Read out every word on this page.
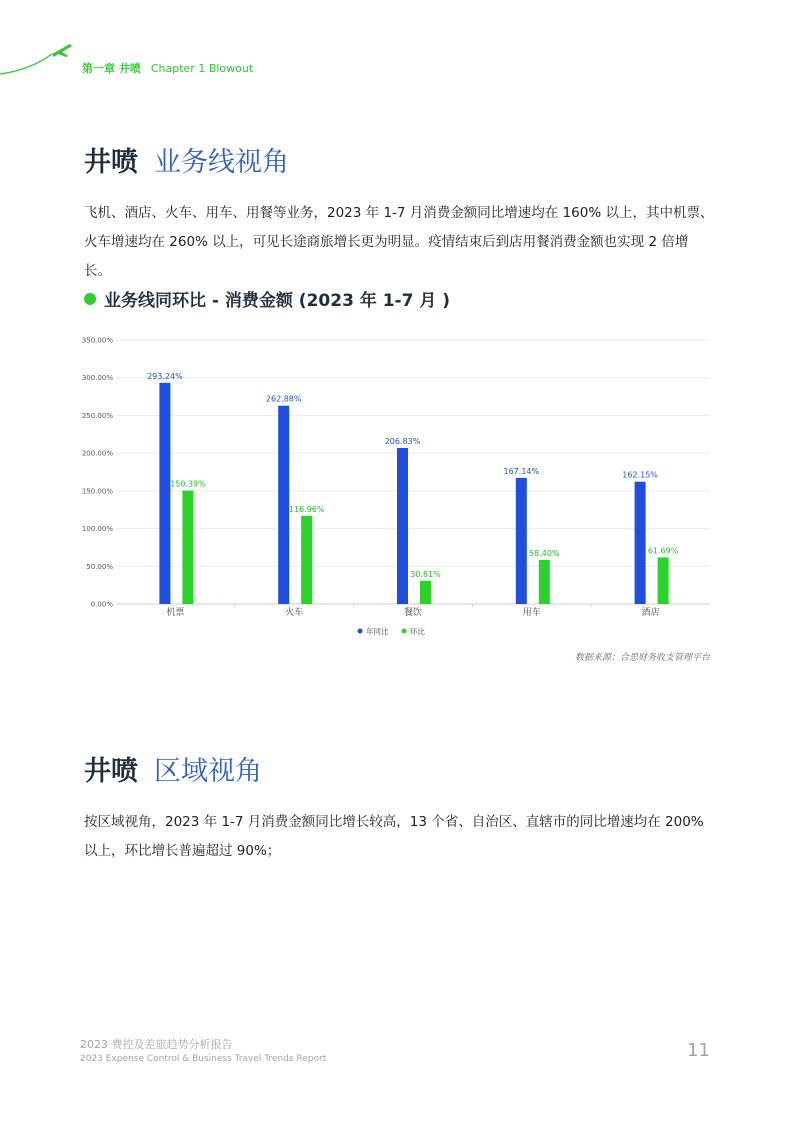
第一章 井喷 Chapter 1 Blowout
井喷 业务线视角

飞机、酒店、火车、用车、用餐等业务，2023 年 1-7 月消费金额同比增速均在 160% 以上，其中机票、火车增速均在 260% 以上，可见长途商旅增长更为明显。疫情结束后到店用餐消费金额也实现 2 倍增长。

业务线同环比 - 消费金额 (2023 年 1-7 月 )
0.00%
50.00%
100.00%
150.00%
200.00%
250.00%
300.00%
350.00%
机票
293.24%
150.39%
火车
262.88%
116.96%
餐饮
206.83%
30.81%
用车
167.14%
58.40%
酒店
162.15%
61.69%
年同比	环比
数据来源：合思财务收支管理平台
井喷 区域视角

按区域视角，2023 年 1-7 月消费金额同比增长较高，13 个省、自治区、直辖市的同比增速均在 200% 以上，环比增长普遍超过 90%；

2023 费控及差旅趋势分析报告
2023 Expense Control & Business Travel Trends Report	11
